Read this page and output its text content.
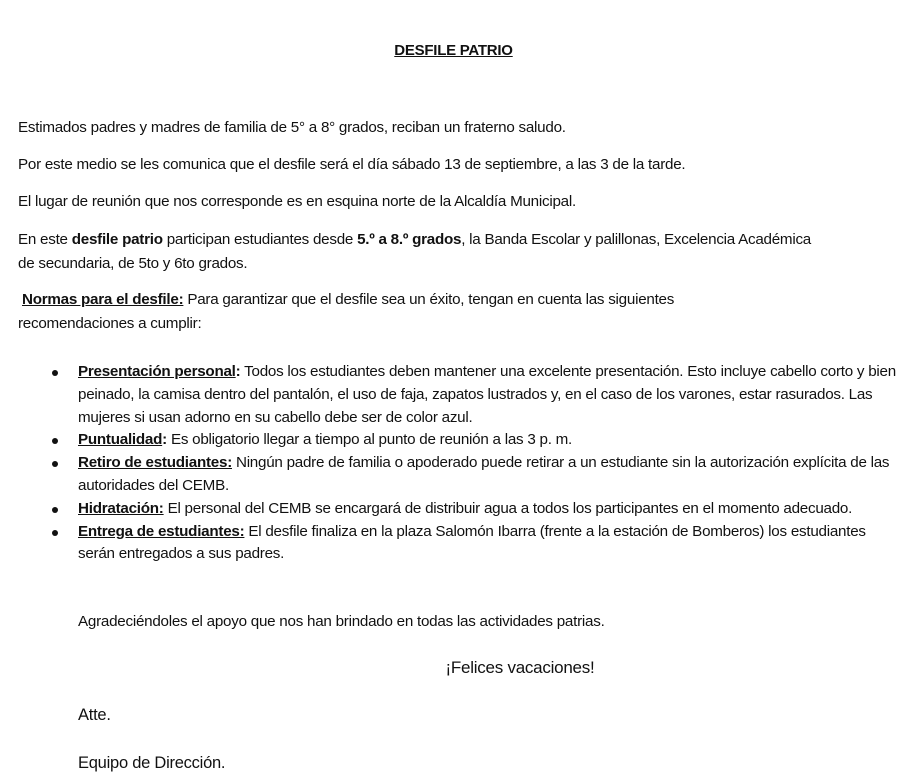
DESFILE PATRIO
Estimados padres y madres de familia de 5° a 8° grados, reciban un fraterno saludo.
Por este medio se les comunica que el desfile será el día sábado 13 de septiembre, a las 3 de la tarde.
El lugar de reunión que nos corresponde es en esquina norte de la Alcaldía Municipal.
En este desfile patrio participan estudiantes desde 5.º a 8.º grados, la Banda Escolar y palillonas, Excelencia Académica de secundaria, de 5to y 6to grados.
Normas para el desfile: Para garantizar que el desfile sea un éxito, tengan en cuenta las siguientes recomendaciones a cumplir:
Presentación personal: Todos los estudiantes deben mantener una excelente presentación. Esto incluye cabello corto y bien peinado, la camisa dentro del pantalón, el uso de faja, zapatos lustrados y, en el caso de los varones, estar rasurados. Las mujeres si usan adorno en su cabello debe ser de color azul.
Puntualidad: Es obligatorio llegar a tiempo al punto de reunión a las 3 p. m.
Retiro de estudiantes: Ningún padre de familia o apoderado puede retirar a un estudiante sin la autorización explícita de las autoridades del CEMB.
Hidratación: El personal del CEMB se encargará de distribuir agua a todos los participantes en el momento adecuado.
Entrega de estudiantes: El desfile finaliza en la plaza Salomón Ibarra (frente a la estación de Bomberos) los estudiantes serán entregados a sus padres.
Agradeciéndoles el apoyo que nos han brindado en todas las actividades patrias.
¡Felices vacaciones!
Atte.
Equipo de Dirección.
